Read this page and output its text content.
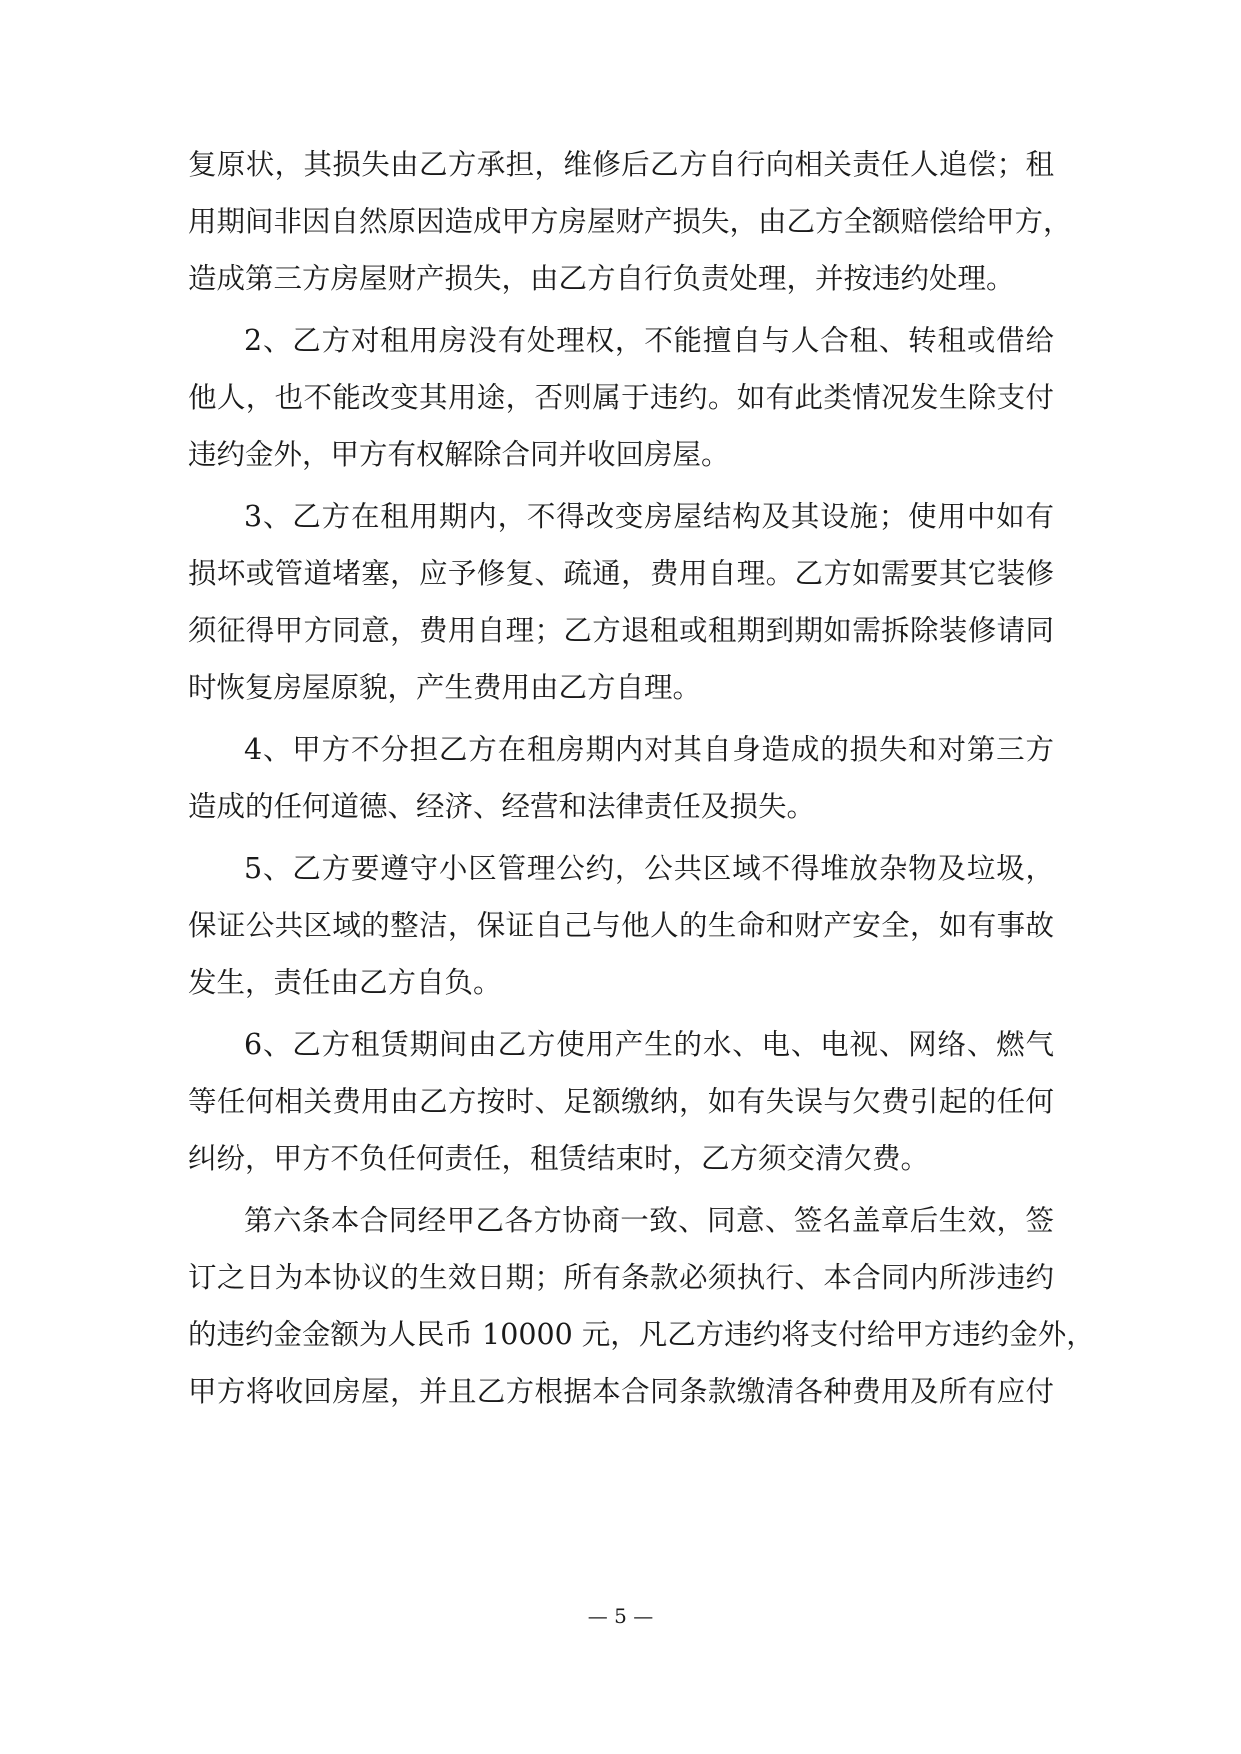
复原状，其损失由乙方承担，维修后乙方自行向相关责任人追偿；租
用期间非因自然原因造成甲方房屋财产损失，由乙方全额赔偿给甲方，
造成第三方房屋财产损失，由乙方自行负责处理，并按违约处理。
2、乙方对租用房没有处理权，不能擅自与人合租、转租或借给
他人，也不能改变其用途，否则属于违约。如有此类情况发生除支付
违约金外，甲方有权解除合同并收回房屋。
3、乙方在租用期内，不得改变房屋结构及其设施；使用中如有
损坏或管道堵塞，应予修复、疏通，费用自理。乙方如需要其它装修
须征得甲方同意，费用自理；乙方退租或租期到期如需拆除装修请同
时恢复房屋原貌，产生费用由乙方自理。
4、甲方不分担乙方在租房期内对其自身造成的损失和对第三方
造成的任何道德、经济、经营和法律责任及损失。
5、乙方要遵守小区管理公约，公共区域不得堆放杂物及垃圾，
保证公共区域的整洁，保证自己与他人的生命和财产安全，如有事故
发生，责任由乙方自负。
6、乙方租赁期间由乙方使用产生的水、电、电视、网络、燃气
等任何相关费用由乙方按时、足额缴纳，如有失误与欠费引起的任何
纠纷，甲方不负任何责任，租赁结束时，乙方须交清欠费。
第六条本合同经甲乙各方协商一致、同意、签名盖章后生效，签
订之日为本协议的生效日期；所有条款必须执行、本合同内所涉违约
的违约金金额为人民币 10000 元，凡乙方违约将支付给甲方违约金外，
甲方将收回房屋，并且乙方根据本合同条款缴清各种费用及所有应付
— 5 —
